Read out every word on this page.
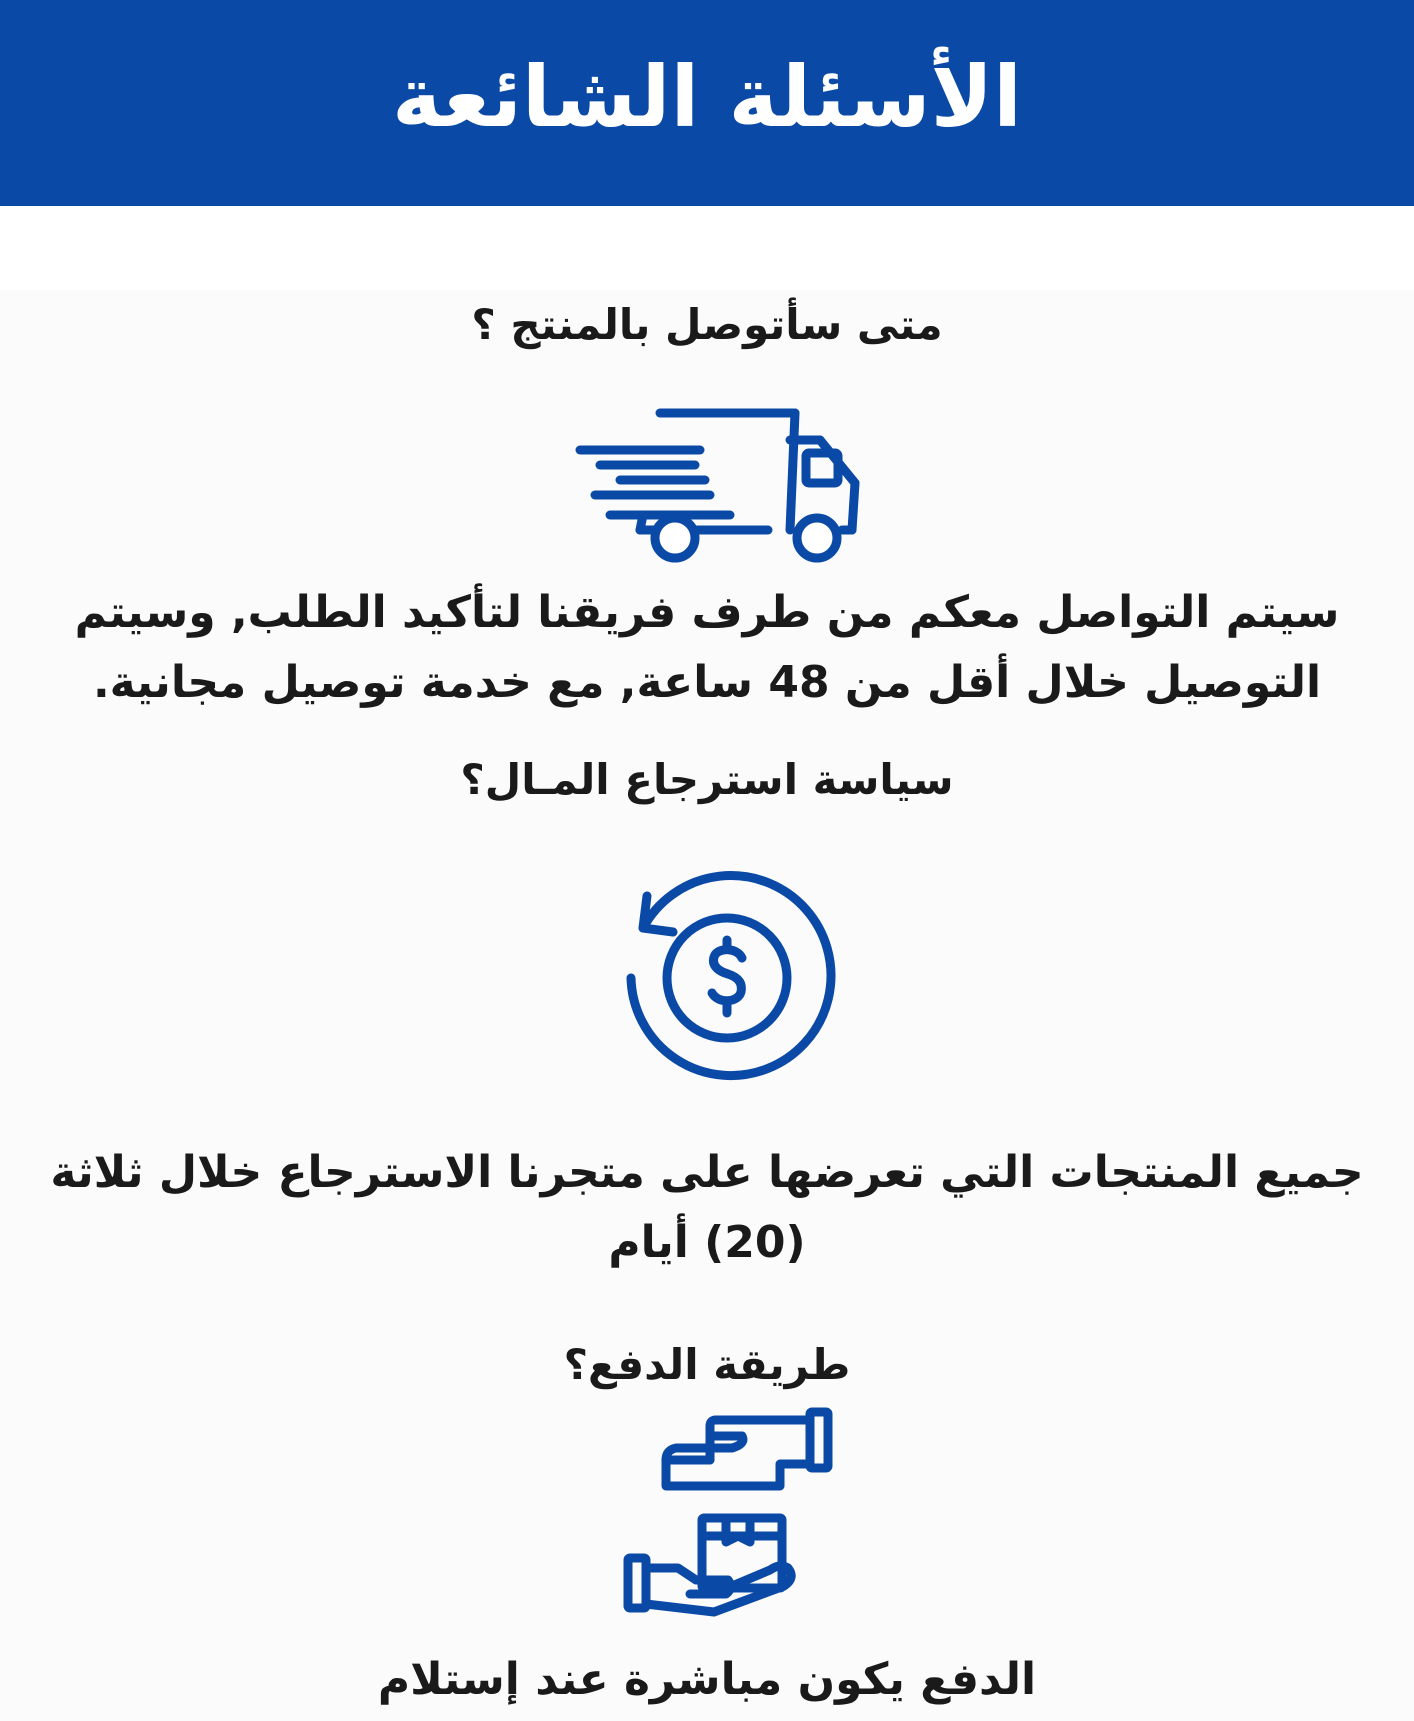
الأسئلة الشائعة
متى سأتوصل بالمنتج ؟
سيتم التواصل معكم من طرف فريقنا لتأكيد الطلب, وسيتم التوصيل خلال أقل من 48 ساعة, مع خدمة توصيل مجانية.
سياسة استرجاع المـال؟
جميع المنتجات التي تعرضها على متجرنا الاسترجاع خلال ثلاثة (20) أيام
طريقة الدفع؟
الدفع يكون مباشرة عند إستلام
